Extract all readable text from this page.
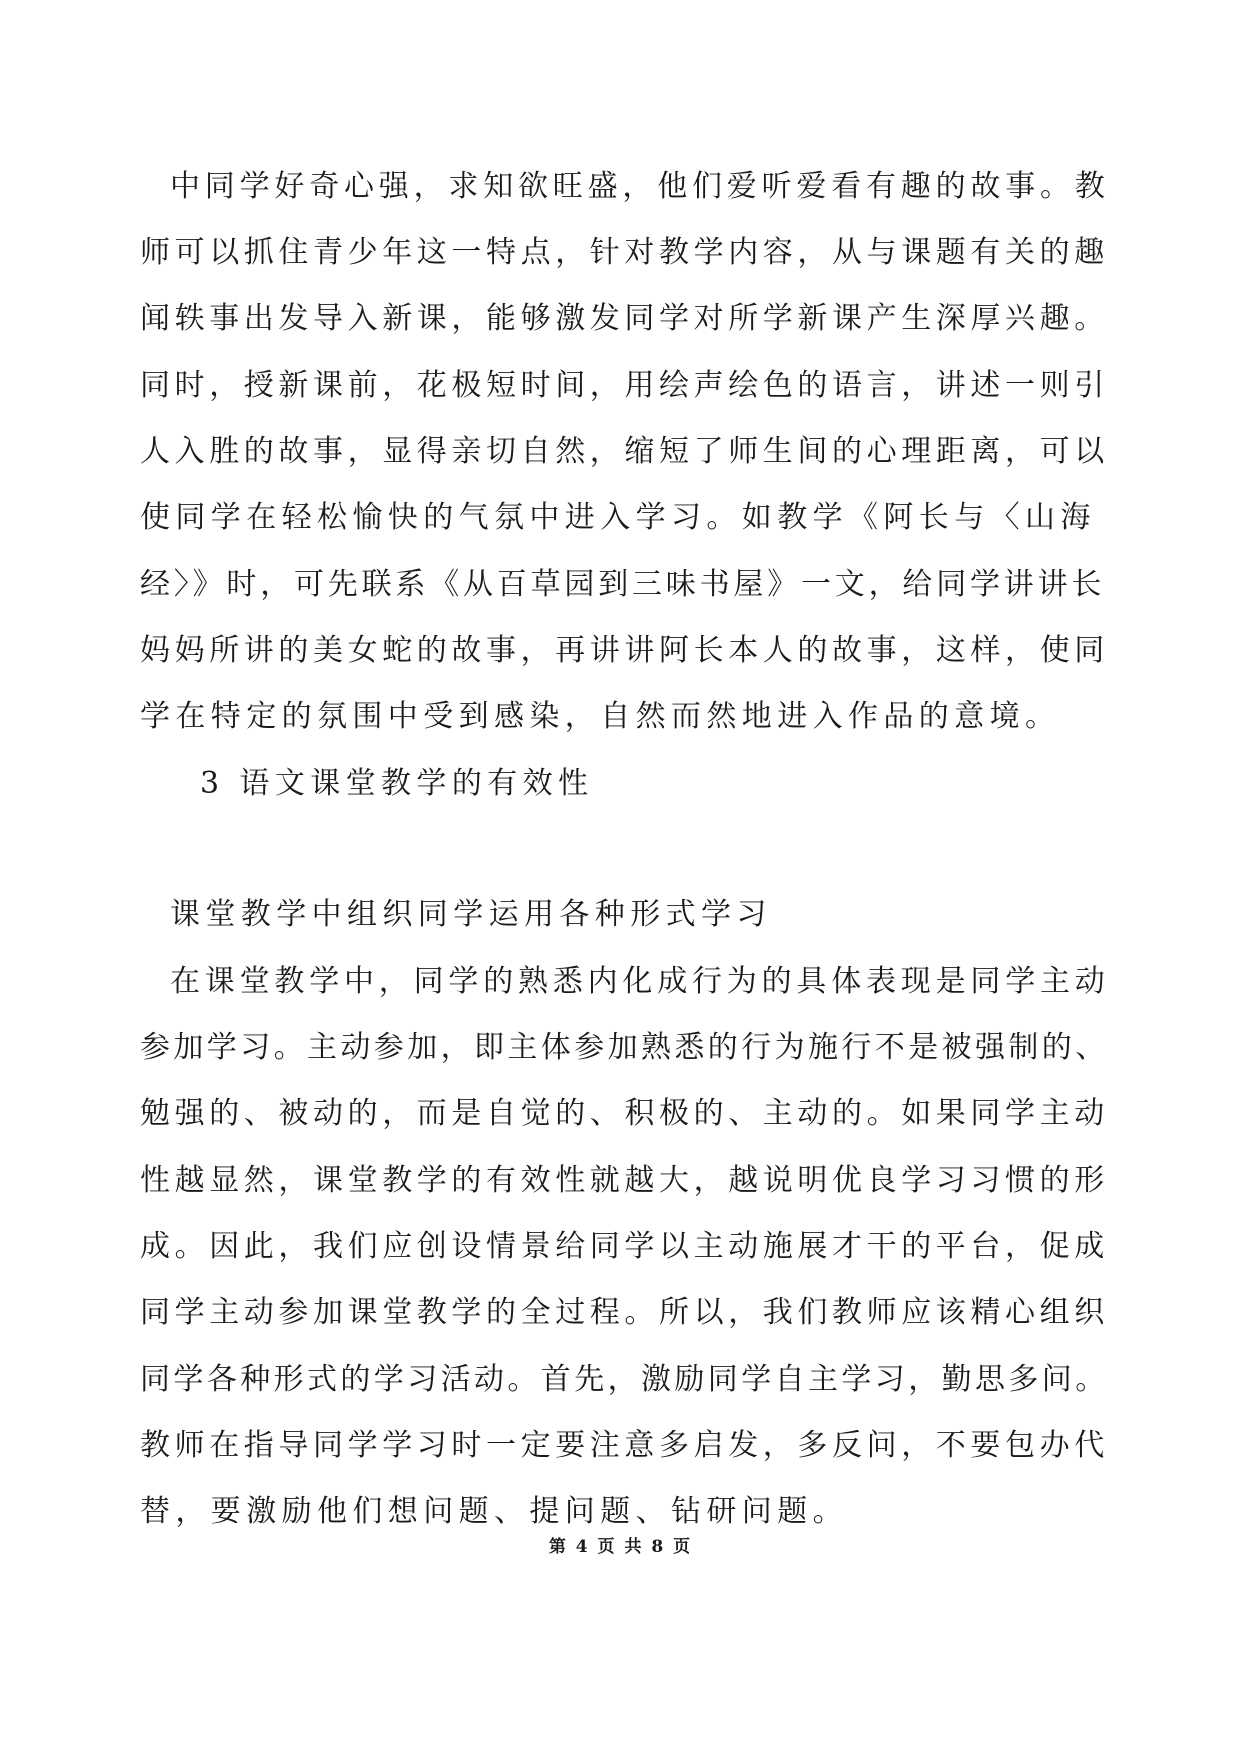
中同学好奇心强，求知欲旺盛，他们爱听爱看有趣的故事。教
师可以抓住青少年这一特点，针对教学内容，从与课题有关的趣
闻轶事出发导入新课，能够激发同学对所学新课产生深厚兴趣。
同时，授新课前，花极短时间，用绘声绘色的语言，讲述一则引
人入胜的故事，显得亲切自然，缩短了师生间的心理距离，可以
使同学在轻松愉快的气氛中进入学习。如教学《阿长与〈山海
经〉》时，可先联系《从百草园到三味书屋》一文，给同学讲讲长
妈妈所讲的美女蛇的故事，再讲讲阿长本人的故事，这样，使同
学在特定的氛围中受到感染，自然而然地进入作品的意境。
3 语文课堂教学的有效性
课堂教学中组织同学运用各种形式学习
在课堂教学中，同学的熟悉内化成行为的具体表现是同学主动
参加学习。主动参加，即主体参加熟悉的行为施行不是被强制的、
勉强的、被动的，而是自觉的、积极的、主动的。如果同学主动
性越显然，课堂教学的有效性就越大，越说明优良学习习惯的形
成。因此，我们应创设情景给同学以主动施展才干的平台，促成
同学主动参加课堂教学的全过程。所以，我们教师应该精心组织
同学各种形式的学习活动。首先，激励同学自主学习，勤思多问。
教师在指导同学学习时一定要注意多启发，多反问，不要包办代
替，要激励他们想问题、提问题、钻研问题。
第 4 页 共 8 页
